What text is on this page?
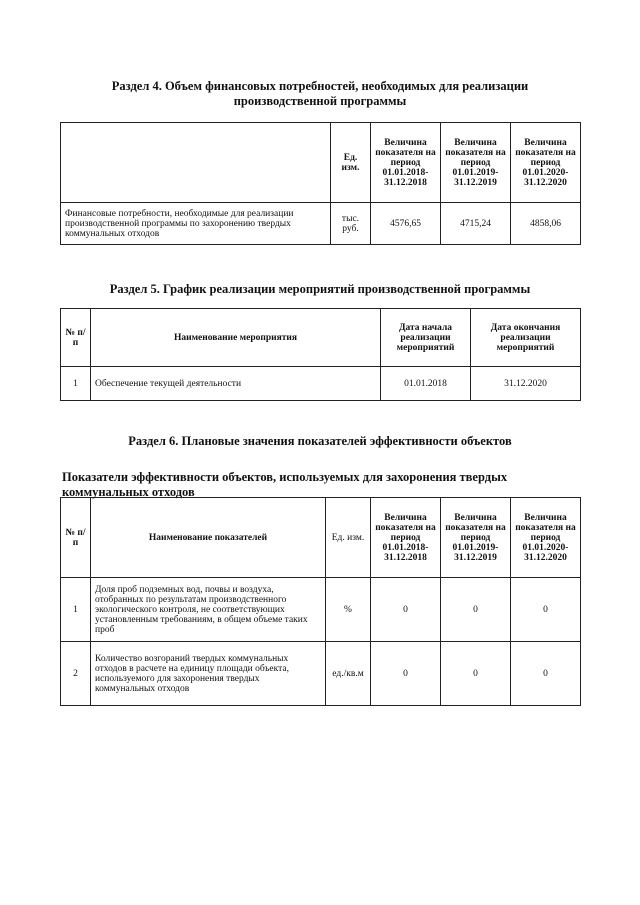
Раздел 4. Объем финансовых потребностей, необходимых для реализации производственной программы
	Ед. изм.	Величина показателя на период 01.01.2018-31.12.2018	Величина показателя на период 01.01.2019-31.12.2019	Величина показателя на период 01.01.2020-31.12.2020
Финансовые потребности, необходимые для реализации производственной программы по захоронению твердых коммунальных отходов	тыс. руб.	4576,65	4715,24	4858,06
Раздел 5. График реализации мероприятий производственной программы
№ п/п	Наименование мероприятия	Дата начала реализации мероприятий	Дата окончания реализации мероприятий
1	Обеспечение текущей деятельности	01.01.2018	31.12.2020
Раздел 6. Плановые значения показателей эффективности объектов
Показатели эффективности объектов, используемых для захоронения твердых коммунальных отходов
№ п/п	Наименование показателей	Ед. изм.	Величина показателя на период 01.01.2018-31.12.2018	Величина показателя на период 01.01.2019-31.12.2019	Величина показателя на период 01.01.2020-31.12.2020
1	Доля проб подземных вод, почвы и воздуха, отобранных по результатам производственного экологического контроля, не соответствующих установленным требованиям, в общем объеме таких проб	%	0	0	0
2	Количество возгораний твердых коммунальных отходов в расчете на единицу площади объекта, используемого для захоронения твердых коммунальных отходов	ед./кв.м	0	0	0
